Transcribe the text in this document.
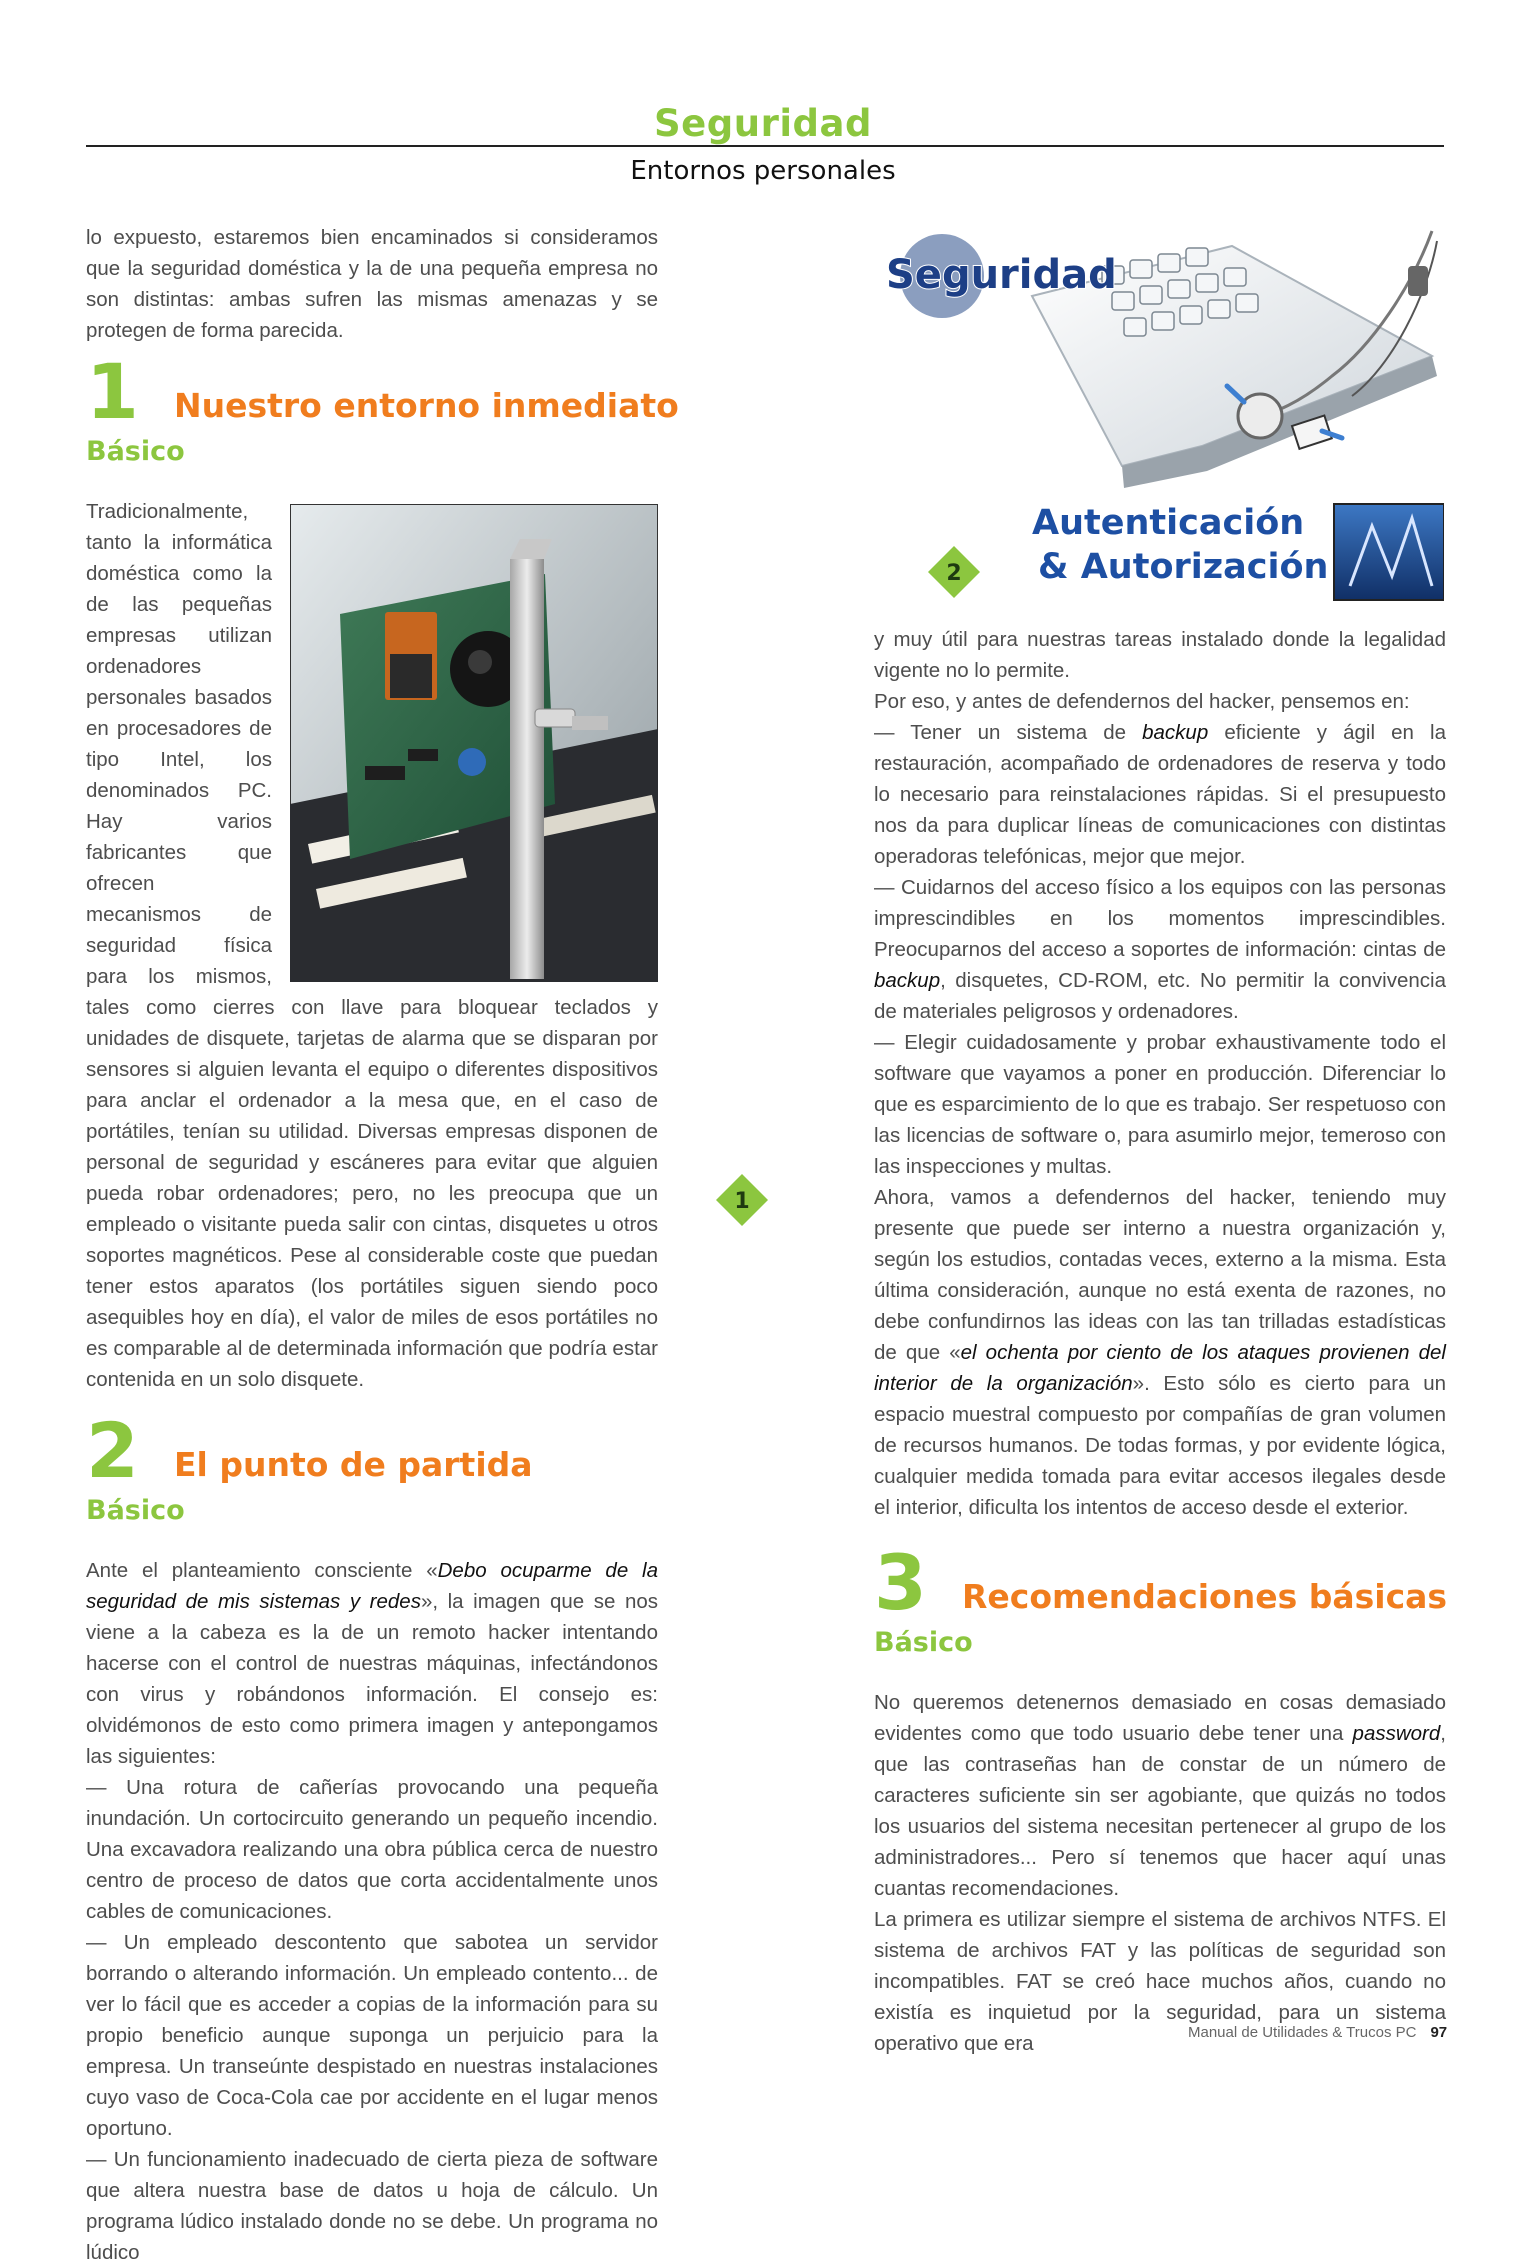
Seguridad
Entornos personales

lo expuesto, estaremos bien encaminados si consideramos que la seguridad doméstica y la de una pequeña empresa no son distintas: ambas sufren las mismas amenazas y se protegen de forma parecida.

1 Nuestro entorno inmediato
Básico

Tradicionalmente, tanto la informática doméstica como la de las pequeñas empresas utilizan ordenadores personales basados en procesadores de tipo Intel, los denominados PC. Hay varios fabricantes que ofrecen mecanismos de seguridad física para los mismos, tales como cierres con llave para bloquear teclados y unidades de disquete, tarjetas de alarma que se disparan por sensores si alguien levanta el equipo o diferentes dispositivos para anclar el ordenador a la mesa que, en el caso de portátiles, tenían su utilidad. Diversas empresas disponen de personal de seguridad y escáneres para evitar que alguien pueda robar ordenadores; pero, no les preocupa que un empleado o visitante pueda salir con cintas, disquetes u otros soportes magnéticos. Pese al considerable coste que puedan tener estos aparatos (los portátiles siguen siendo poco asequibles hoy en día), el valor de miles de esos portátiles no es comparable al de determinada información que podría estar contenida en un solo disquete.

2 El punto de partida
Básico

Ante el planteamiento consciente «Debo ocuparme de la seguridad de mis sistemas y redes», la imagen que se nos viene a la cabeza es la de un remoto hacker intentando hacerse con el control de nuestras máquinas, infectándonos con virus y robándonos información. El consejo es: olvidémonos de esto como primera imagen y antepongamos las siguientes:

— Una rotura de cañerías provocando una pequeña inundación. Un cortocircuito generando un pequeño incendio. Una excavadora realizando una obra pública cerca de nuestro centro de proceso de datos que corta accidentalmente unos cables de comunicaciones.

— Un empleado descontento que sabotea un servidor borrando o alterando información. Un empleado contento... de ver lo fácil que es acceder a copias de la información para su propio beneficio aunque suponga un perjuicio para la empresa. Un transeúnte despistado en nuestras instalaciones cuyo vaso de Coca-Cola cae por accidente en el lugar menos oportuno.

— Un funcionamiento inadecuado de cierta pieza de software que altera nuestra base de datos u hoja de cálculo. Un programa lúdico instalado donde no se debe. Un programa no lúdico

1
Seguridad
Autenticación
& Autorización
2

y muy útil para nuestras tareas instalado donde la legalidad vigente no lo permite.

Por eso, y antes de defendernos del hacker, pensemos en:

— Tener un sistema de backup eficiente y ágil en la restauración, acompañado de ordenadores de reserva y todo lo necesario para reinstalaciones rápidas. Si el presupuesto nos da para duplicar líneas de comunicaciones con distintas operadoras telefónicas, mejor que mejor.

— Cuidarnos del acceso físico a los equipos con las personas imprescindibles en los momentos imprescindibles. Preocuparnos del acceso a soportes de información: cintas de backup, disquetes, CD-ROM, etc. No permitir la convivencia de materiales peligrosos y ordenadores.

— Elegir cuidadosamente y probar exhaustivamente todo el software que vayamos a poner en producción. Diferenciar lo que es esparcimiento de lo que es trabajo. Ser respetuoso con las licencias de software o, para asumirlo mejor, temeroso con las inspecciones y multas.

Ahora, vamos a defendernos del hacker, teniendo muy presente que puede ser interno a nuestra organización y, según los estudios, contadas veces, externo a la misma. Esta última consideración, aunque no está exenta de razones, no debe confundirnos las ideas con las tan trilladas estadísticas de que «el ochenta por ciento de los ataques provienen del interior de la organización». Esto sólo es cierto para un espacio muestral compuesto por compañías de gran volumen de recursos humanos. De todas formas, y por evidente lógica, cualquier medida tomada para evitar accesos ilegales desde el interior, dificulta los intentos de acceso desde el exterior.

3 Recomendaciones básicas
Básico

No queremos detenernos demasiado en cosas demasiado evidentes como que todo usuario debe tener una password, que las contraseñas han de constar de un número de caracteres suficiente sin ser agobiante, que quizás no todos los usuarios del sistema necesitan pertenecer al grupo de los administradores... Pero sí tenemos que hacer aquí unas cuantas recomendaciones.

La primera es utilizar siempre el sistema de archivos NTFS. El sistema de archivos FAT y las políticas de seguridad son incompatibles. FAT se creó hace muchos años, cuando no existía es inquietud por la seguridad, para un sistema operativo que era	Manual de Utilidades & Trucos PC 97
